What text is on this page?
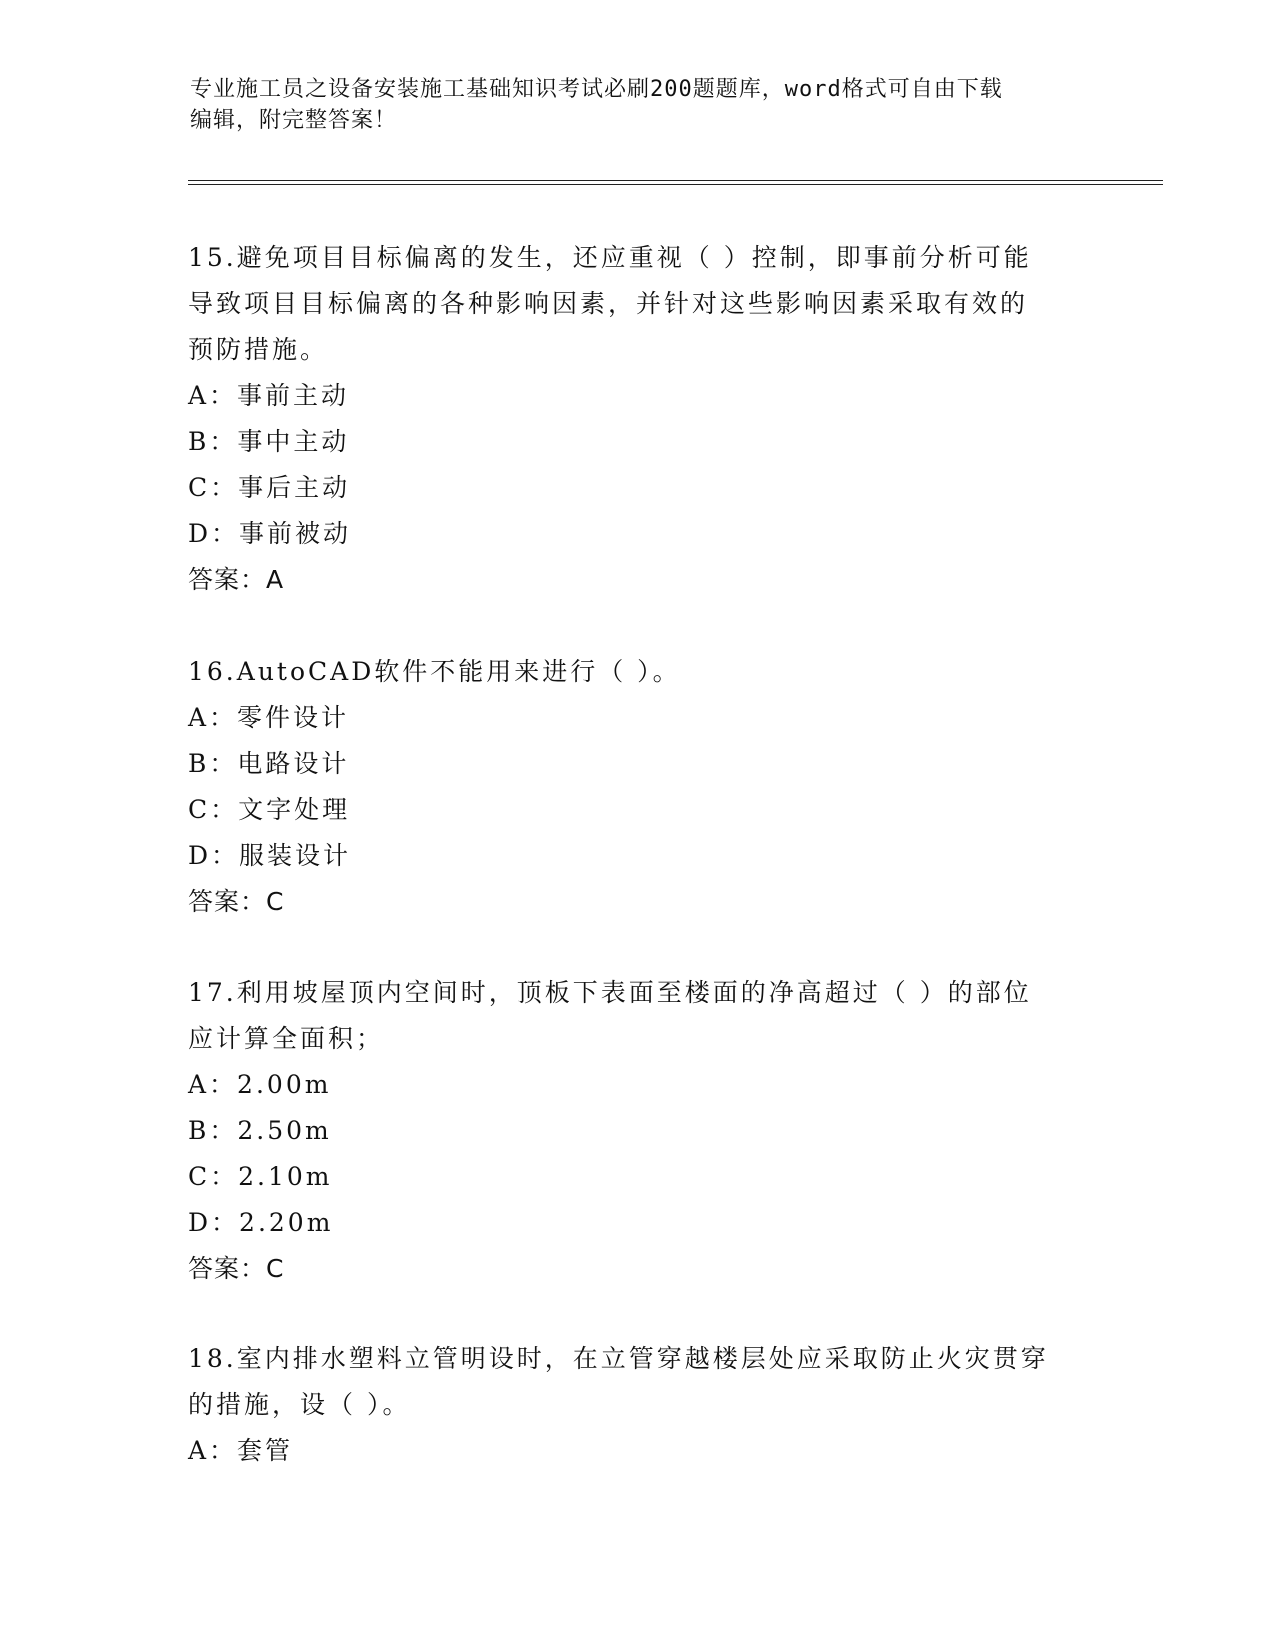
专业施工员之设备安装施工基础知识考试必刷200题题库，word格式可自由下载
编辑，附完整答案！
15.避免项目目标偏离的发生，还应重视（ ）控制，即事前分析可能
导致项目目标偏离的各种影响因素，并针对这些影响因素采取有效的
预防措施。
A：事前主动
B：事中主动
C：事后主动
D：事前被动
答案：A
16.AutoCAD软件不能用来进行（ ）。
A：零件设计
B：电路设计
C：文字处理
D：服装设计
答案：C
17.利用坡屋顶内空间时，顶板下表面至楼面的净高超过（ ）的部位
应计算全面积；
A：2.00m
B：2.50m
C：2.10m
D：2.20m
答案：C
18.室内排水塑料立管明设时，在立管穿越楼层处应采取防止火灾贯穿
的措施，设（ ）。
A：套管
